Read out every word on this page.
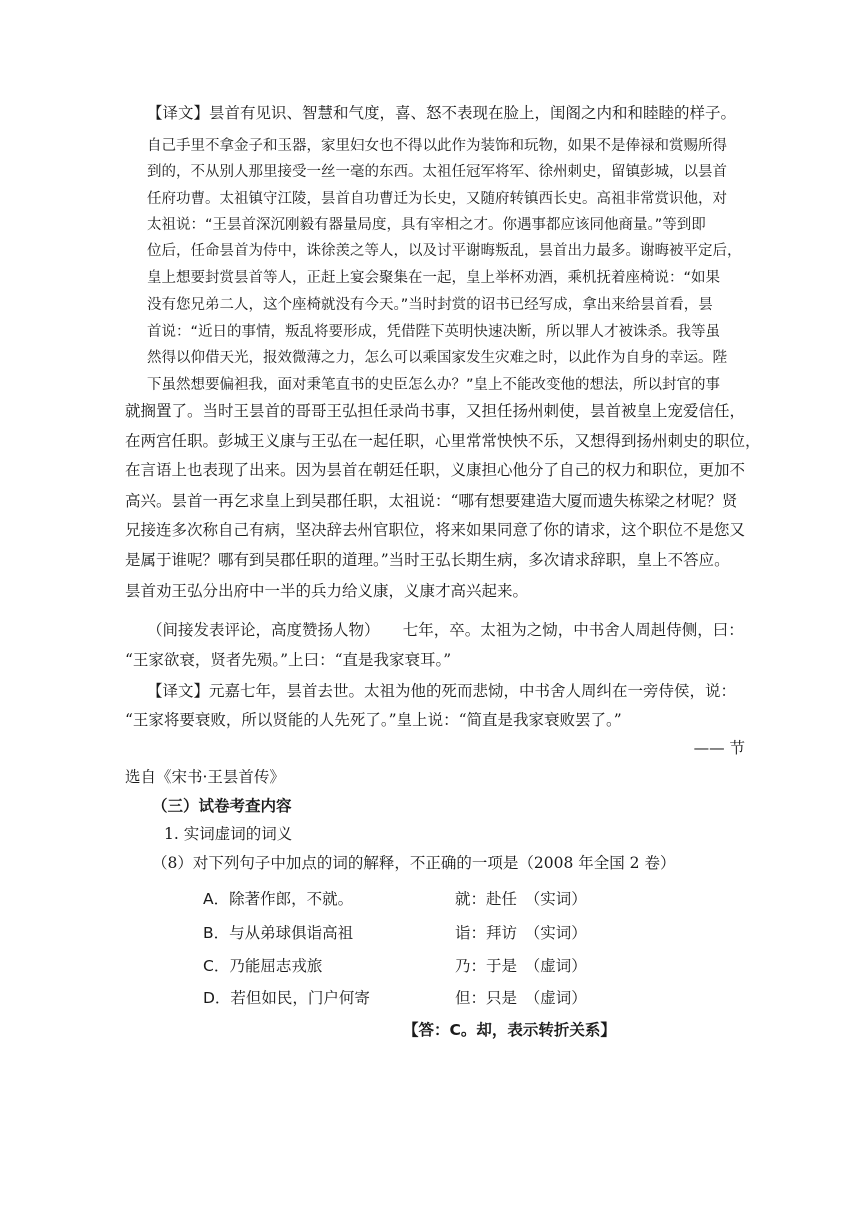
【译文】昙首有见识、智慧和气度，喜、怒不表现在脸上，闺阁之内和和睦睦的样子。
自己手里不拿金子和玉器，家里妇女也不得以此作为装饰和玩物，如果不是俸禄和赏赐所得
到的，不从别人那里接受一丝一毫的东西。太祖任冠军将军、徐州刺史，留镇彭城，以昙首
任府功曹。太祖镇守江陵，昙首自功曹迁为长史，又随府转镇西长史。高祖非常赏识他，对
太祖说：“王昙首深沉刚毅有器量局度，具有宰相之才。你遇事都应该同他商量。”等到即
位后，任命昙首为侍中，诛徐羡之等人，以及讨平谢晦叛乱，昙首出力最多。谢晦被平定后，
皇上想要封赏昙首等人，正赶上宴会聚集在一起，皇上举杯劝酒，乘机抚着座椅说：“如果
没有您兄弟二人，这个座椅就没有今天。”当时封赏的诏书已经写成，拿出来给昙首看，昙
首说：“近日的事情，叛乱将要形成，凭借陛下英明快速决断，所以罪人才被诛杀。我等虽
然得以仰借天光，报效微薄之力，怎么可以乘国家发生灾难之时，以此作为自身的幸运。陛
下虽然想要偏袒我，面对秉笔直书的史臣怎么办？”皇上不能改变他的想法，所以封官的事
就搁置了。当时王昙首的哥哥王弘担任录尚书事，又担任扬州刺使，昙首被皇上宠爱信任，
在两宫任职。彭城王义康与王弘在一起任职，心里常常怏怏不乐，又想得到扬州刺史的职位，
在言语上也表现了出来。因为昙首在朝廷任职，义康担心他分了自己的权力和职位，更加不
高兴。昙首一再乞求皇上到吴郡任职，太祖说：“哪有想要建造大厦而遗失栋梁之材呢？贤
兄接连多次称自己有病，坚决辞去州官职位，将来如果同意了你的请求，这个职位不是您又
是属于谁呢？哪有到吴郡任职的道理。”当时王弘长期生病，多次请求辞职，皇上不答应。
昙首劝王弘分出府中一半的兵力给义康，义康才高兴起来。
（间接发表评论，高度赞扬人物）　　七年，卒。太祖为之恸，中书舍人周赳侍侧，曰：
“王家欲衰，贤者先殒。”上曰：“直是我家衰耳。”
【译文】元嘉七年，昙首去世。太祖为他的死而悲恸，中书舍人周纠在一旁侍侯，说：
“王家将要衰败，所以贤能的人先死了。”皇上说：“简直是我家衰败罢了。”
—— 节
选自《宋书·王昙首传》
（三）试卷考查内容
1. 实词虚词的词义
（8）对下列句子中加点的词的解释，不正确的一项是（2008 年全国 2 卷）
A．除著作郎，不就。	就：赴任　（实词）
B．与从弟球俱诣高祖	诣：拜访　（实词）
C．乃能屈志戎旅	乃：于是　（虚词）
D．若但如民，门户何寄	但：只是　（虚词）
【答：C。却，表示转折关系】
